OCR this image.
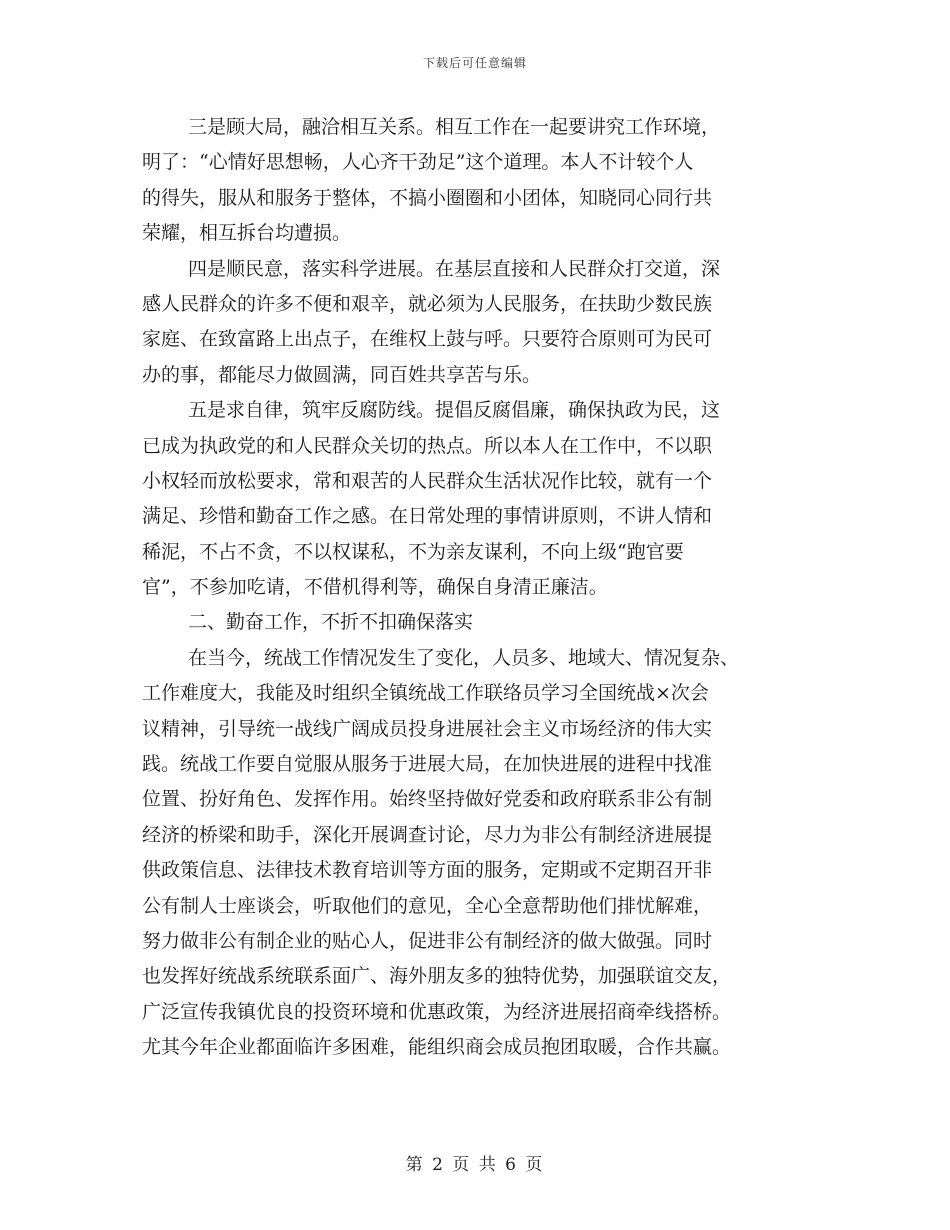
下载后可任意编辑
三是顾大局，融洽相互关系。相互工作在一起要讲究工作环境，
明了：“心情好思想畅，人心齐干劲足”这个道理。本人不计较个人
的得失，服从和服务于整体，不搞小圈圈和小团体，知晓同心同行共
荣耀，相互拆台均遭损。
四是顺民意，落实科学进展。在基层直接和人民群众打交道，深
感人民群众的许多不便和艰辛，就必须为人民服务，在扶助少数民族
家庭、在致富路上出点子，在维权上鼓与呼。只要符合原则可为民可
办的事，都能尽力做圆满，同百姓共享苦与乐。
五是求自律，筑牢反腐防线。提倡反腐倡廉，确保执政为民，这
已成为执政党的和人民群众关切的热点。所以本人在工作中，不以职
小权轻而放松要求，常和艰苦的人民群众生活状况作比较，就有一个
满足、珍惜和勤奋工作之感。在日常处理的事情讲原则，不讲人情和
稀泥，不占不贪，不以权谋私，不为亲友谋利，不向上级“跑官要
官”，不参加吃请，不借机得利等，确保自身清正廉洁。
二、勤奋工作，不折不扣确保落实
在当今，统战工作情况发生了变化，人员多、地域大、情况复杂、
工作难度大，我能及时组织全镇统战工作联络员学习全国统战×次会
议精神，引导统一战线广阔成员投身进展社会主义市场经济的伟大实
践。统战工作要自觉服从服务于进展大局，在加快进展的进程中找准
位置、扮好角色、发挥作用。始终坚持做好党委和政府联系非公有制
经济的桥梁和助手，深化开展调查讨论，尽力为非公有制经济进展提
供政策信息、法律技术教育培训等方面的服务，定期或不定期召开非
公有制人士座谈会，听取他们的意见，全心全意帮助他们排忧解难，
努力做非公有制企业的贴心人，促进非公有制经济的做大做强。同时
也发挥好统战系统联系面广、海外朋友多的独特优势，加强联谊交友，
广泛宣传我镇优良的投资环境和优惠政策，为经济进展招商牵线搭桥。
尤其今年企业都面临许多困难，能组织商会成员抱团取暖，合作共赢。
第 2 页 共 6 页
